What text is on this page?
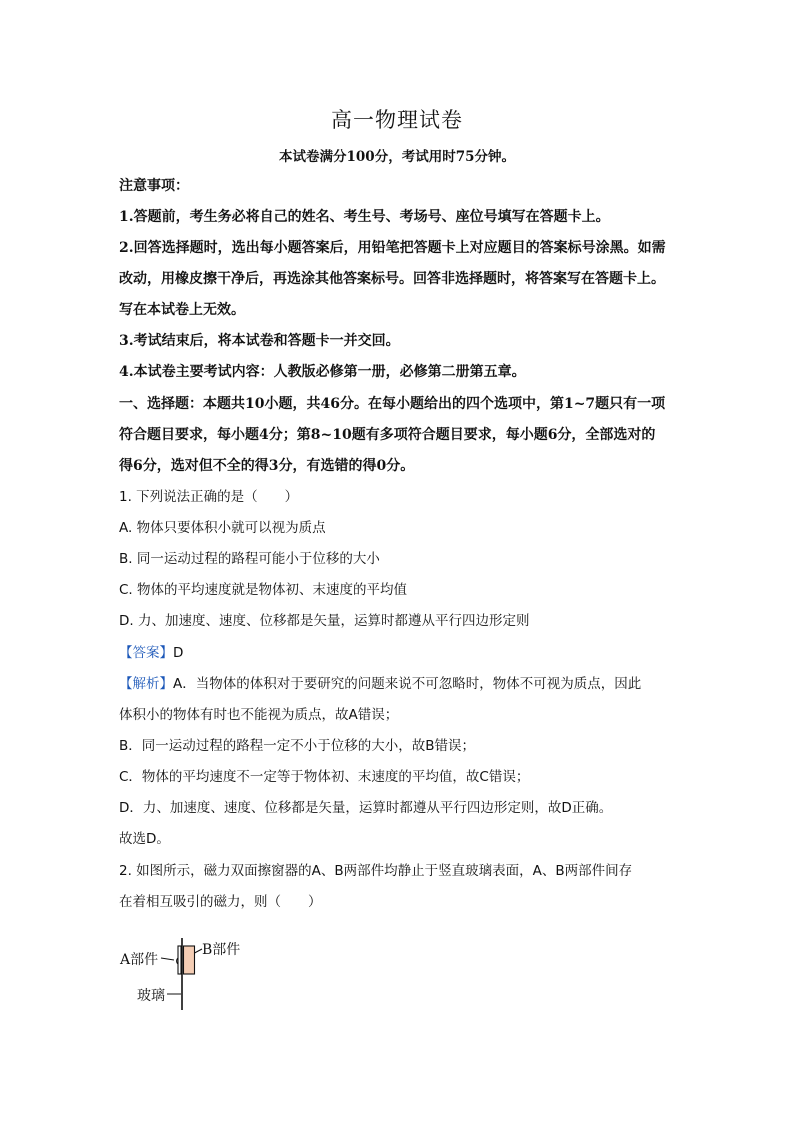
高一物理试卷
本试卷满分100分，考试用时75分钟。
注意事项：
1.答题前，考生务必将自己的姓名、考生号、考场号、座位号填写在答题卡上。
2.回答选择题时，选出每小题答案后，用铅笔把答题卡上对应题目的答案标号涂黑。如需
改动，用橡皮擦干净后，再选涂其他答案标号。回答非选择题时，将答案写在答题卡上。
写在本试卷上无效。
3.考试结束后，将本试卷和答题卡一并交回。
4.本试卷主要考试内容：人教版必修第一册，必修第二册第五章。
一、选择题：本题共10小题，共46分。在每小题给出的四个选项中，第1~7题只有一项
符合题目要求，每小题4分；第8~10题有多项符合题目要求，每小题6分，全部选对的
得6分，选对但不全的得3分，有选错的得0分。
1. 下列说法正确的是（　　）
A. 物体只要体积小就可以视为质点
B. 同一运动过程的路程可能小于位移的大小
C. 物体的平均速度就是物体初、末速度的平均值
D. 力、加速度、速度、位移都是矢量，运算时都遵从平行四边形定则
【答案】D
【解析】A．当物体的体积对于要研究的问题来说不可忽略时，物体不可视为质点，因此
体积小的物体有时也不能视为质点，故A错误；
B．同一运动过程的路程一定不小于位移的大小，故B错误；
C．物体的平均速度不一定等于物体初、末速度的平均值，故C错误；
D．力、加速度、速度、位移都是矢量，运算时都遵从平行四边形定则，故D正确。
故选D。
2. 如图所示，磁力双面擦窗器的A、B两部件均静止于竖直玻璃表面，A、B两部件间存
在着相互吸引的磁力，则（　　）
A部件
B部件
玻璃
